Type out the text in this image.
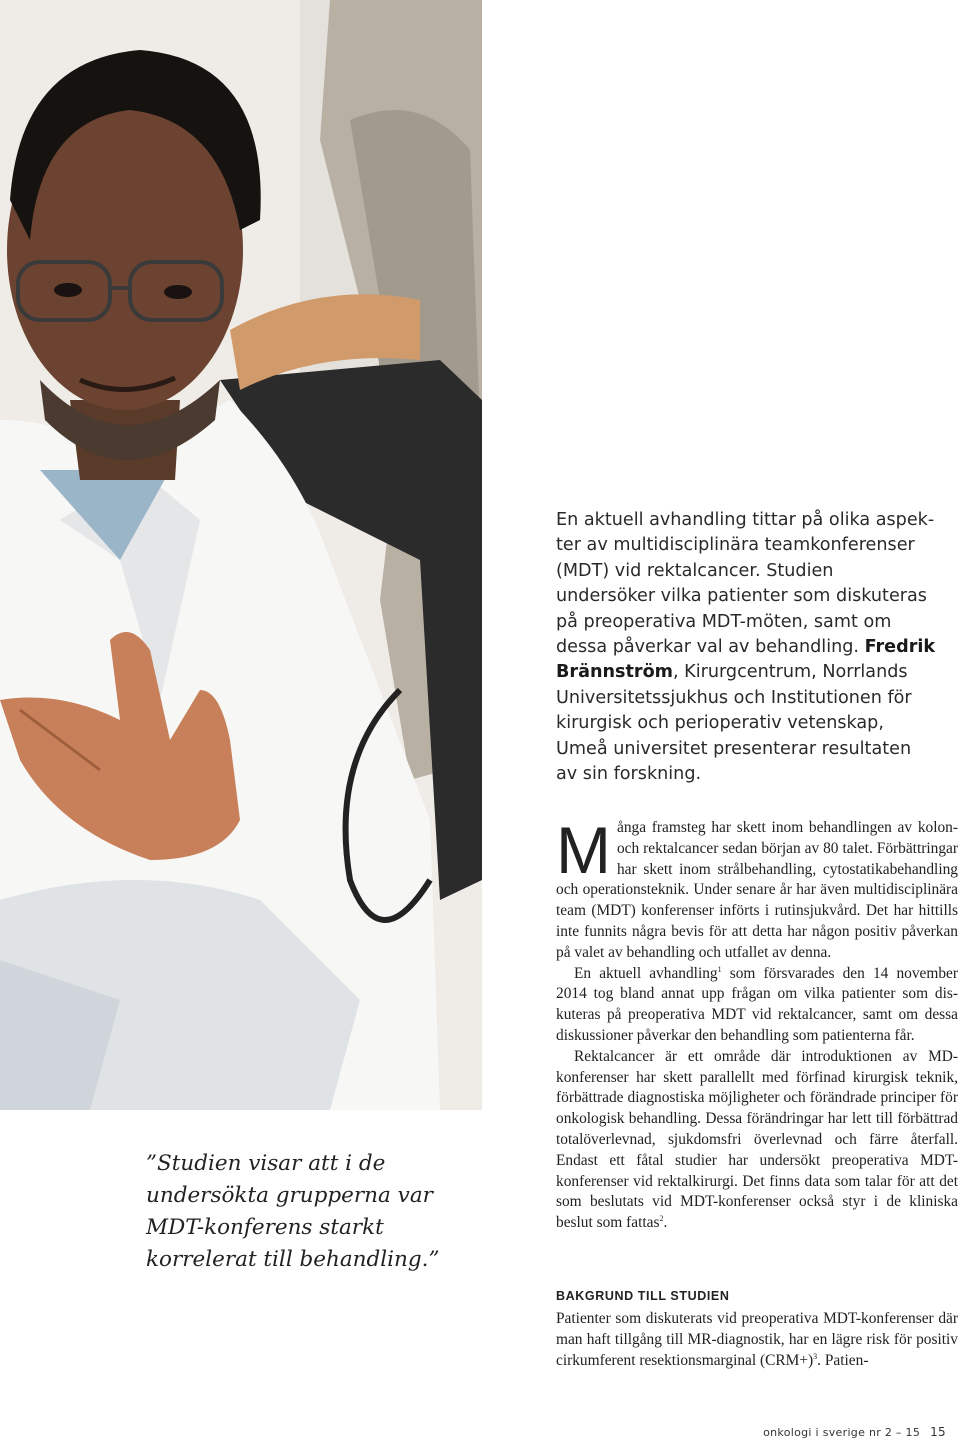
En aktuell avhandling tittar på olika aspekter av multidisciplinära teamkonferenser (MDT) vid rektalcancer. Studien undersöker vilka patienter som diskuteras på preoperativa MDT-möten, samt om dessa påverkar val av behandling. Fredrik Brännström, Kirurgcentrum, Norrlands Universitetssjukhus och Institutionen för kirurgisk och perioperativ vetenskap, Umeå universitet presenterar resultaten av sin forskning.

”Studien visar att i de undersökta grupperna var MDT-konferens starkt korrelerat till behandling.”

Många framsteg har skett inom behandlingen av kolon- och rektalcancer sedan början av 80 talet. Förbättringar har skett inom strålbehandling, cytostatikabehandling och operationsteknik. Under senare år har även multidisciplinära team (MDT) konferenser införts i rutinsjukvård. Det har hittills inte funnits några bevis för att detta har någon positiv påverkan på valet av behandling och utfallet av denna.

En aktuell avhandling$^1$ som försvarades den 14 november 2014 tog bland annat upp frågan om vilka patienter som diskuteras på preoperativa MDT vid rektalcancer, samt om dessa diskussioner påverkar den behandling som patienterna får.

Rektalcancer är ett område där introduktionen av MD-konferenser har skett parallellt med förfinad kirurgisk teknik, förbättrade diagnostiska möjligheter och förändrade principer för onkologisk behandling. Dessa förändringar har lett till förbättrad totalöverlevnad, sjukdomsfri överlevnad och färre återfall. Endast ett fåtal studier har undersökt preoperativa MDT-konferenser vid rektalkirurgi. Det finns data som talar för att det som beslutats vid MDT-konferenser också styr i de kliniska beslut som fattas$^2$.

BAKGRUND TILL STUDIEN

Patienter som diskuterats vid preoperativa MDT-konferenser där man haft tillgång till MR-diagnostik, har en lägre risk för positiv cirkumferent resektionsmarginal $(CRM+)^3$. Patien-

onkologi i sverige nr 2 – 15 15
